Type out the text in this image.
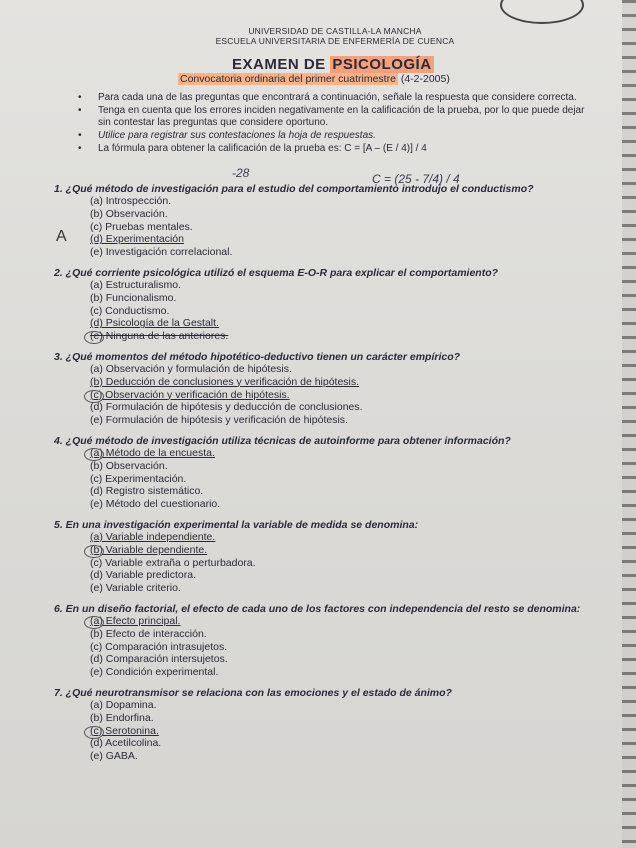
UNIVERSIDAD DE CASTILLA-LA MANCHA
ESCUELA UNIVERSITARIA DE ENFERMERÍA DE CUENCA
EXAMEN DE PSICOLOGÍA
Convocatoria ordinaria del primer cuatrimestre (4-2-2005)
• Para cada una de las preguntas que encontrará a continuación, señale la respuesta que considere correcta.
• Tenga en cuenta que los errores inciden negativamente en la calificación de la prueba, por lo que puede dejar sin contestar las preguntas que considere oportuno.
• Utilice para registrar sus contestaciones la hoja de respuestas.
• La fórmula para obtener la calificación de la prueba es: C = [A – (E / 4)] / 4
-28	C = (25 - 7/4) / 4
A
1. ¿Qué método de investigación para el estudio del comportamiento introdujo el conductismo?
(a) Introspección.
(b) Observación.
(c) Pruebas mentales.
(d) Experimentación
(e) Investigación correlacional.
2. ¿Qué corriente psicológica utilizó el esquema E-O-R para explicar el comportamiento?
(a) Estructuralismo.
(b) Funcionalismo.
(c) Conductismo.
(d) Psicología de la Gestalt.
(e) Ninguna de las anteriores.
3. ¿Qué momentos del método hipotético-deductivo tienen un carácter empírico?
(a) Observación y formulación de hipótesis.
(b) Deducción de conclusiones y verificación de hipótesis.
(c) Observación y verificación de hipótesis.
(d) Formulación de hipótesis y deducción de conclusiones.
(e) Formulación de hipótesis y verificación de hipótesis.
4. ¿Qué método de investigación utiliza técnicas de autoinforme para obtener información?
(a) Método de la encuesta.
(b) Observación.
(c) Experimentación.
(d) Registro sistemático.
(e) Método del cuestionario.
5. En una investigación experimental la variable de medida se denomina:
(a) Variable independiente.
(b) Variable dependiente.
(c) Variable extraña o perturbadora.
(d) Variable predictora.
(e) Variable criterio.
6. En un diseño factorial, el efecto de cada uno de los factores con independencia del resto se denomina:
(a) Efecto principal.
(b) Efecto de interacción.
(c) Comparación intrasujetos.
(d) Comparación intersujetos.
(e) Condición experimental.
7. ¿Qué neurotransmisor se relaciona con las emociones y el estado de ánimo?
(a) Dopamina.
(b) Endorfina.
(c) Serotonina.
(d) Acetilcolina.
(e) GABA.
